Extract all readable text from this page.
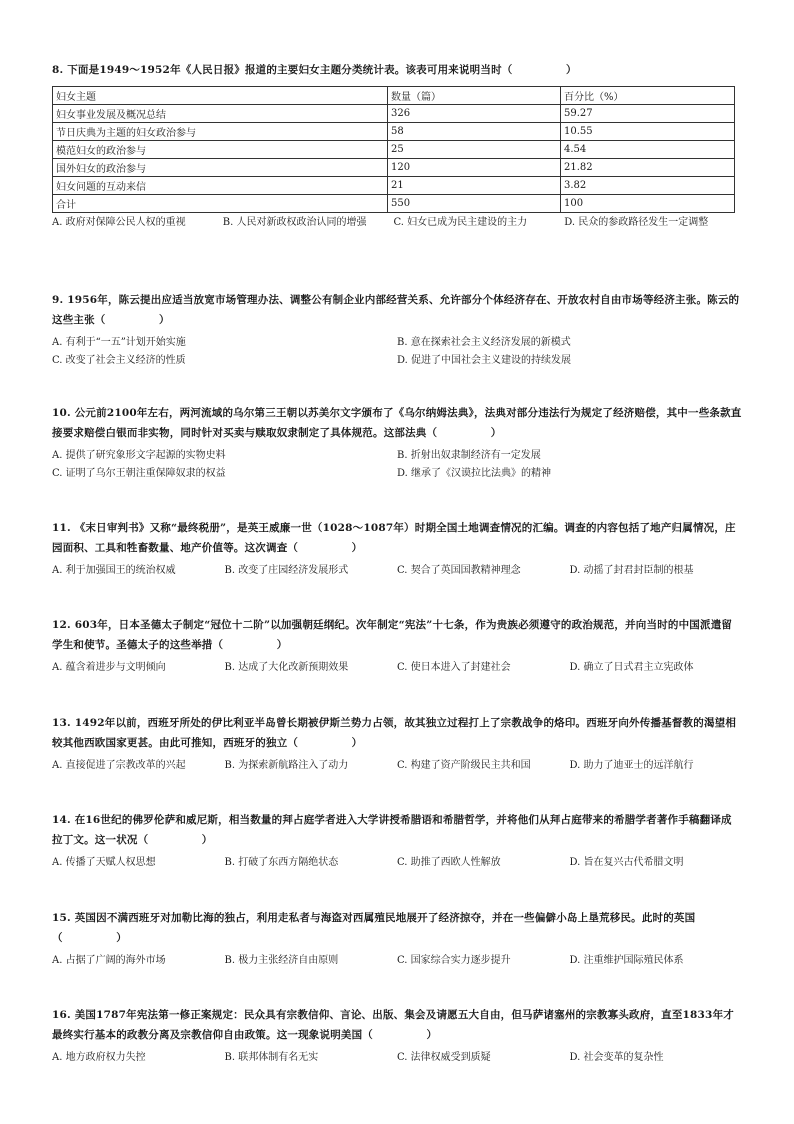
8. 下面是1949～1952年《人民日报》报道的主要妇女主题分类统计表。该表可用来说明当时（　　　　　）
妇女主题	数量（篇）	百分比（%）
妇女事业发展及概况总结	326	59.27
节日庆典为主题的妇女政治参与	58	10.55
模范妇女的政治参与	25	4.54
国外妇女的政治参与	120	21.82
妇女问题的互动来信	21	3.82
合计	550	100
A. 政府对保障公民人权的重视	B. 人民对新政权政治认同的增强	C. 妇女已成为民主建设的主力	D. 民众的参政路径发生一定调整
9. 1956年，陈云提出应适当放宽市场管理办法、调整公有制企业内部经营关系、允许部分个体经济存在、开放农村自由市场等经济主张。陈云的这些主张（　　　　　）
A. 有利于“一五”计划开始实施	B. 意在探索社会主义经济发展的新模式
C. 改变了社会主义经济的性质	D. 促进了中国社会主义建设的持续发展
10. 公元前2100年左右，两河流域的乌尔第三王朝以苏美尔文字颁布了《乌尔纳姆法典》，法典对部分违法行为规定了经济赔偿，其中一些条款直接要求赔偿白银而非实物，同时针对买卖与赎取奴隶制定了具体规范。这部法典（　　　　　）
A. 提供了研究象形文字起源的实物史料	B. 折射出奴隶制经济有一定发展
C. 证明了乌尔王朝注重保障奴隶的权益	D. 继承了《汉谟拉比法典》的精神
11. 《末日审判书》又称“最终税册”，是英王威廉一世（1028～1087年）时期全国土地调查情况的汇编。调查的内容包括了地产归属情况，庄园面积、工具和牲畜数量、地产价值等。这次调查（　　　　　）
A. 利于加强国王的统治权威	B. 改变了庄园经济发展形式	C. 契合了英国国教精神理念	D. 动摇了封君封臣制的根基
12. 603年，日本圣德太子制定“冠位十二阶”以加强朝廷纲纪。次年制定“宪法”十七条，作为贵族必须遵守的政治规范，并向当时的中国派遣留学生和使节。圣德太子的这些举措（　　　　　）
A. 蕴含着进步与文明倾向	B. 达成了大化改新预期效果	C. 使日本进入了封建社会	D. 确立了日式君主立宪政体
13. 1492年以前，西班牙所处的伊比利亚半岛曾长期被伊斯兰势力占领，故其独立过程打上了宗教战争的烙印。西班牙向外传播基督教的渴望相较其他西欧国家更甚。由此可推知，西班牙的独立（　　　　　）
A. 直接促进了宗教改革的兴起	B. 为探索新航路注入了动力	C. 构建了资产阶级民主共和国	D. 助力了迪亚士的远洋航行
14. 在16世纪的佛罗伦萨和威尼斯，相当数量的拜占庭学者进入大学讲授希腊语和希腊哲学，并将他们从拜占庭带来的希腊学者著作手稿翻译成拉丁文。这一状况（　　　　　）
A. 传播了天赋人权思想	B. 打破了东西方隔绝状态	C. 助推了西欧人性解放	D. 旨在复兴古代希腊文明
15. 英国因不满西班牙对加勒比海的独占，利用走私者与海盗对西属殖民地展开了经济掠夺，并在一些偏僻小岛上垦荒移民。此时的英国（　　　　　）
A. 占据了广阔的海外市场	B. 极力主张经济自由原则	C. 国家综合实力逐步提升	D. 注重维护国际殖民体系
16. 美国1787年宪法第一修正案规定：民众具有宗教信仰、言论、出版、集会及请愿五大自由，但马萨诸塞州的宗教寡头政府，直至1833年才最终实行基本的政教分离及宗教信仰自由政策。这一现象说明美国（　　　　　）
A. 地方政府权力失控	B. 联邦体制有名无实	C. 法律权威受到质疑	D. 社会变革的复杂性
